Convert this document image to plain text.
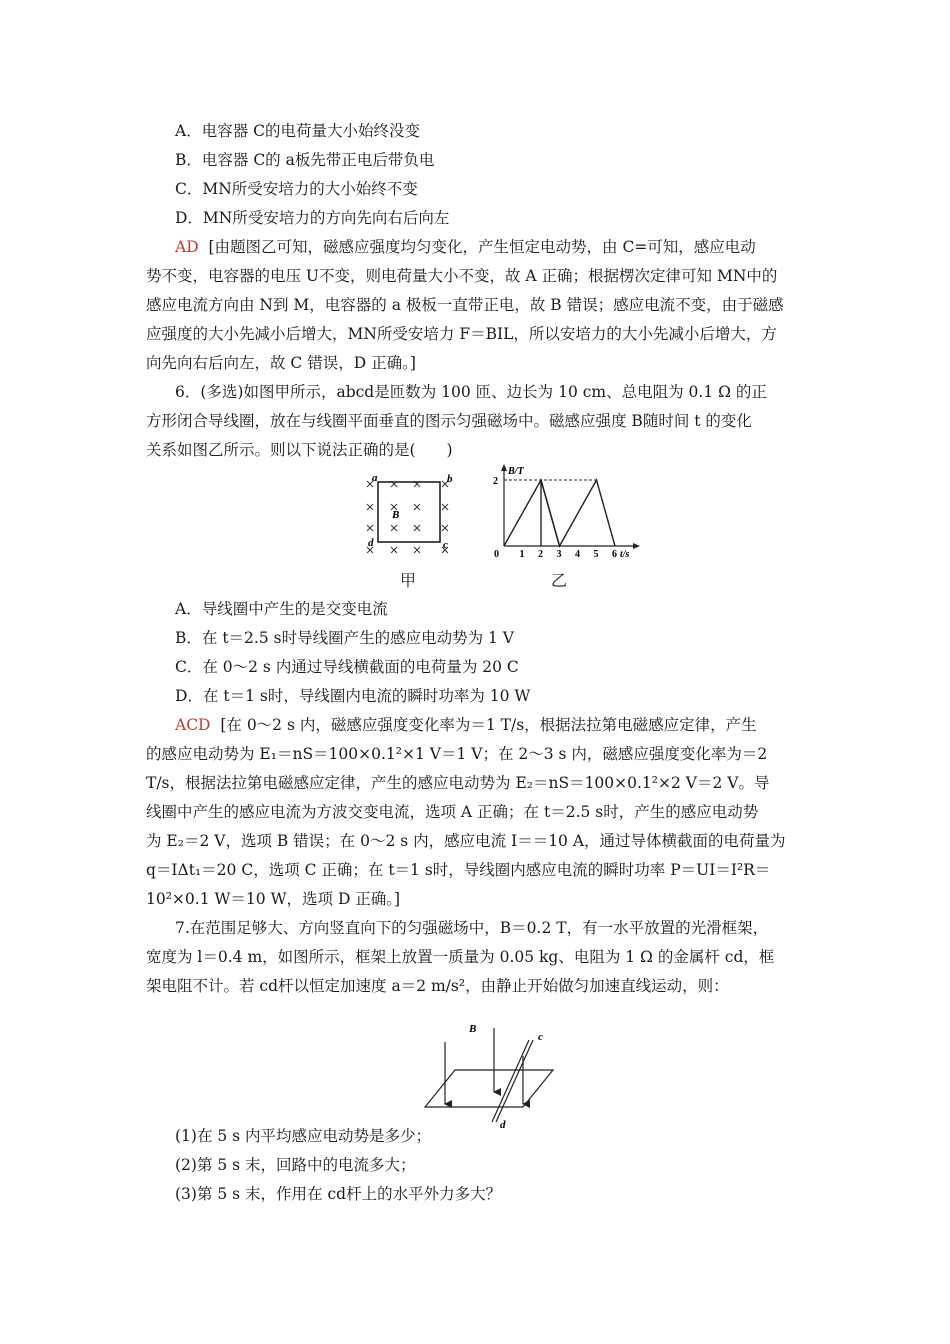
A．电容器 C的电荷量大小始终没变
B．电容器 C的 a板先带正电后带负电
C．MN所受安培力的大小始终不变
D．MN所受安培力的方向先向右后向左
AD [由题图乙可知，磁感应强度均匀变化，产生恒定电动势，由 C=可知，感应电动
势不变，电容器的电压 U不变，则电荷量大小不变，故 A 正确；根据楞次定律可知 MN中的
感应电流方向由 N到 M，电容器的 a 极板一直带正电，故 B 错误；感应电流不变，由于磁感
应强度的大小先减小后增大，MN所受安培力 F＝BIL，所以安培力的大小先减小后增大，方
向先向右后向左，故 C 错误，D 正确。]
6．(多选)如图甲所示，abcd是匝数为 100 匝、边长为 10 cm、总电阻为 0.1 Ω 的正
方形闭合导线圈，放在与线圈平面垂直的图示匀强磁场中。磁感应强度 B随时间 t 的变化
关系如图乙所示。则以下说法正确的是(　　)
a	b
c
d
B
甲
B/T
t/s
0 1 2 3 4 5 6
2
乙
A．导线圈中产生的是交变电流
B．在 t＝2.5 s时导线圈产生的感应电动势为 1 V
C．在 0～2 s 内通过导线横截面的电荷量为 20 C
D．在 t＝1 s时，导线圈内电流的瞬时功率为 10 W
ACD [在 0～2 s 内，磁感应强度变化率为＝1 T/s，根据法拉第电磁感应定律，产生
的感应电动势为 E₁＝nS＝100×0.1²×1 V＝1 V；在 2～3 s 内，磁感应强度变化率为＝2
T/s，根据法拉第电磁感应定律，产生的感应电动势为 E₂＝nS＝100×0.1²×2 V＝2 V。导
线圈中产生的感应电流为方波交变电流，选项 A 正确；在 t＝2.5 s时，产生的感应电动势
为 E₂＝2 V，选项 B 错误；在 0～2 s 内，感应电流 I＝＝10 A，通过导体横截面的电荷量为
q＝IΔt₁＝20 C，选项 C 正确；在 t＝1 s时，导线圈内感应电流的瞬时功率 P＝UI＝I²R＝
10²×0.1 W＝10 W，选项 D 正确。]
7.在范围足够大、方向竖直向下的匀强磁场中，B＝0.2 T，有一水平放置的光滑框架，
宽度为 l＝0.4 m，如图所示，框架上放置一质量为 0.05 kg、电阻为 1 Ω 的金属杆 cd，框
架电阻不计。若 cd杆以恒定加速度 a＝2 m/s²，由静止开始做匀加速直线运动，则：
B
c
d
(1)在 5 s 内平均感应电动势是多少；
(2)第 5 s 末，回路中的电流多大；
(3)第 5 s 末，作用在 cd杆上的水平外力多大？
